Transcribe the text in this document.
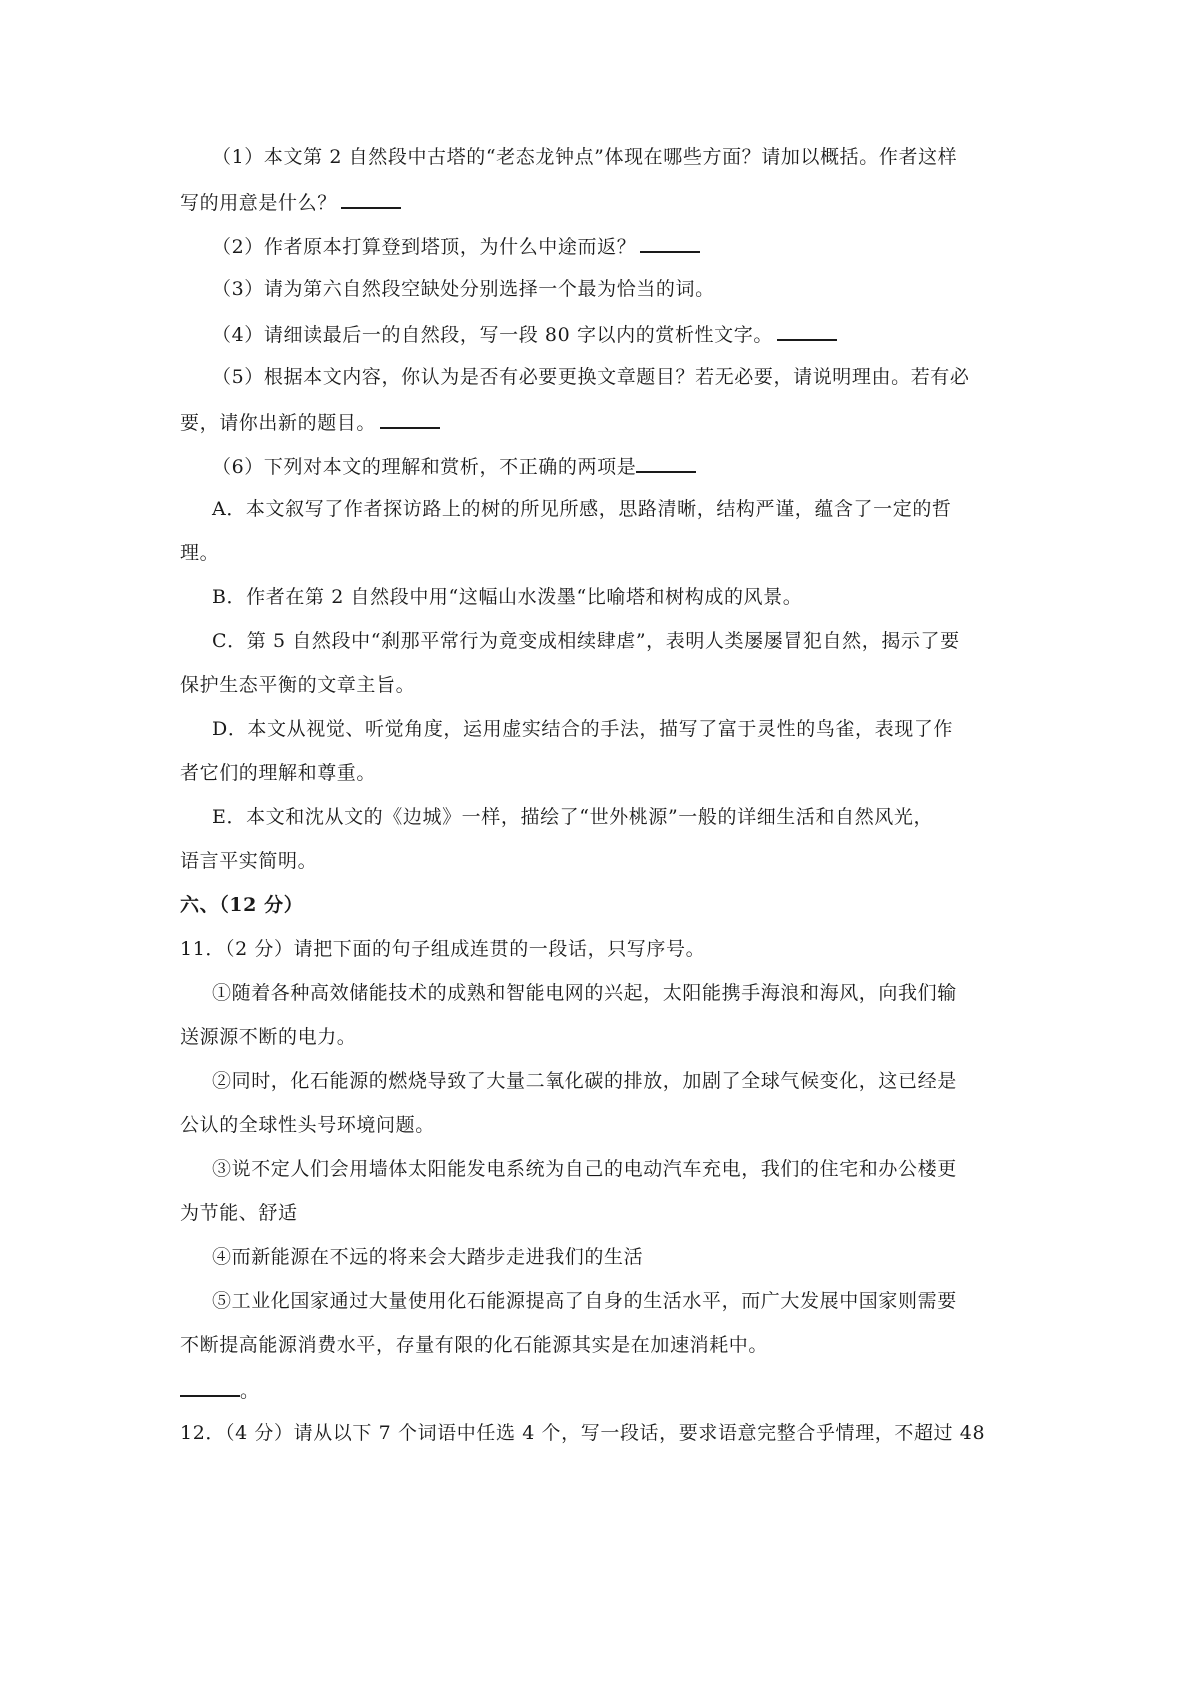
（1）本文第 2 自然段中古塔的“老态龙钟点”体现在哪些方面？请加以概括。作者这样
写的用意是什么？
（2）作者原本打算登到塔顶，为什么中途而返？
（3）请为第六自然段空缺处分别选择一个最为恰当的词。
（4）请细读最后一的自然段，写一段 80 字以内的赏析性文字。
（5）根据本文内容，你认为是否有必要更换文章题目？若无必要，请说明理由。若有必
要，请你出新的题目。
（6）下列对本文的理解和赏析，不正确的两项是
A．本文叙写了作者探访路上的树的所见所感，思路清晰，结构严谨，蕴含了一定的哲
理。
B．作者在第 2 自然段中用“这幅山水泼墨“比喻塔和树构成的风景。
C．第 5 自然段中“刹那平常行为竟变成相续肆虐”，表明人类屡屡冒犯自然，揭示了要
保护生态平衡的文章主旨。
D．本文从视觉、听觉角度，运用虚实结合的手法，描写了富于灵性的鸟雀，表现了作
者它们的理解和尊重。
E．本文和沈从文的《边城》一样，描绘了“世外桃源”一般的详细生活和自然风光，
语言平实简明。
六、（12 分）
11．（2 分）请把下面的句子组成连贯的一段话，只写序号。
①随着各种高效储能技术的成熟和智能电网的兴起，太阳能携手海浪和海风，向我们输
送源源不断的电力。
②同时，化石能源的燃烧导致了大量二氧化碳的排放，加剧了全球气候变化，这已经是
公认的全球性头号环境问题。
③说不定人们会用墙体太阳能发电系统为自己的电动汽车充电，我们的住宅和办公楼更
为节能、舒适
④而新能源在不远的将来会大踏步走进我们的生活
⑤工业化国家通过大量使用化石能源提高了自身的生活水平，而广大发展中国家则需要
不断提高能源消费水平，存量有限的化石能源其实是在加速消耗中。
。
12．（4 分）请从以下 7 个词语中任选 4 个，写一段话，要求语意完整合乎情理，不超过 48
